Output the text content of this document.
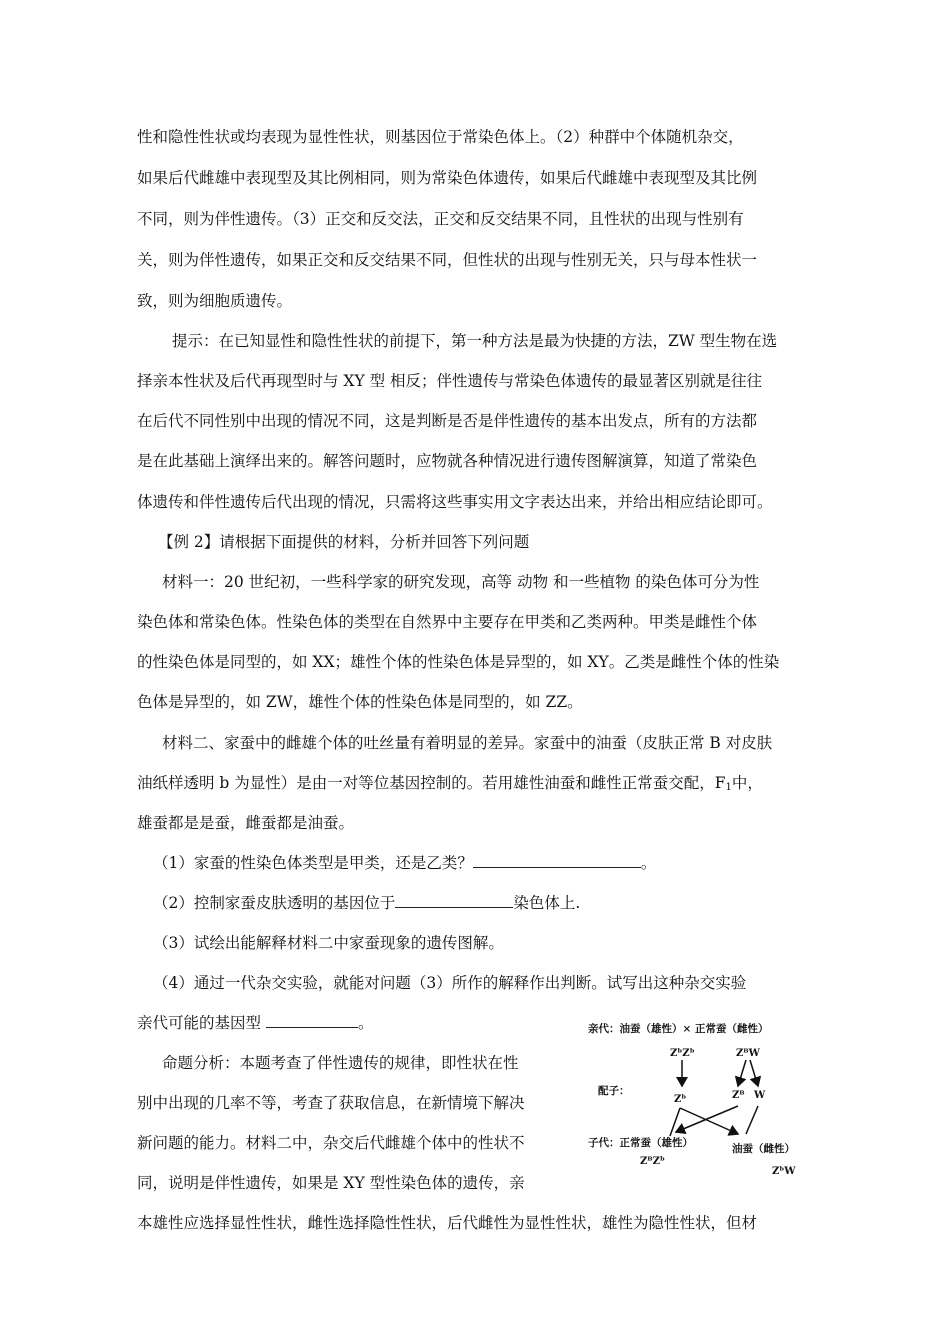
性和隐性性状或均表现为显性性状，则基因位于常染色体上。（2）种群中个体随机杂交，
如果后代雌雄中表现型及其比例相同，则为常染色体遗传，如果后代雌雄中表现型及其比例
不同，则为伴性遗传。（3）正交和反交法，正交和反交结果不同，且性状的出现与性别有
关，则为伴性遗传，如果正交和反交结果不同，但性状的出现与性别无关，只与母本性状一
致，则为细胞质遗传。
提示：在已知显性和隐性性状的前提下，第一种方法是最为快捷的方法，ZW 型生物在选
择亲本性状及后代再现型时与 XY 型 相反；伴性遗传与常染色体遗传的最显著区别就是往往
在后代不同性别中出现的情况不同，这是判断是否是伴性遗传的基本出发点，所有的方法都
是在此基础上演绎出来的。解答问题时，应物就各种情况进行遗传图解演算，知道了常染色
体遗传和伴性遗传后代出现的情况，只需将这些事实用文字表达出来，并给出相应结论即可。
【例 2】请根据下面提供的材料，分析并回答下列问题
材料一：20 世纪初，一些科学家的研究发现，高等 动物 和一些植物 的染色体可分为性
染色体和常染色体。性染色体的类型在自然界中主要存在甲类和乙类两种。甲类是雌性个体
的性染色体是同型的，如 XX；雄性个体的性染色体是异型的，如 XY。乙类是雌性个体的性染
色体是异型的，如 ZW，雄性个体的性染色体是同型的，如 ZZ。
材料二、家蚕中的雌雄个体的吐丝量有着明显的差异。家蚕中的油蚕（皮肤正常 B 对皮肤
油纸样透明 b 为显性）是由一对等位基因控制的。若用雄性油蚕和雌性正常蚕交配，$F_1$中，
雄蚕都是是蚕，雌蚕都是油蚕。
（1）家蚕的性染色体类型是甲类，还是乙类？	。
（2）控制家蚕皮肤透明的基因位于	染色体上.
（3）试绘出能解释材料二中家蚕现象的遗传图解。
（4）通过一代杂交实验，就能对问题（3）所作的解释作出判断。试写出这种杂交实验
亲代可能的基因型	。
命题分析：本题考查了伴性遗传的规律，即性状在性
别中出现的几率不等，考查了获取信息，在新情境下解决
新问题的能力。材料二中，杂交后代雌雄个体中的性状不
同，说明是伴性遗传，如果是 XY 型性染色体的遗传，亲
本雄性应选择显性性状，雌性选择隐性性状，后代雌性为显性性状，雄性为隐性性状，但材
亲代：油蚕（雄性）× 正常蚕（雌性）
ZᵇZᵇ	ZᴮW
配子：
Zᵇ	Zᴮ W
子代：正常蚕（雄性）	油蚕（雌性）
ZᴮZᵇ
ZᵇW
